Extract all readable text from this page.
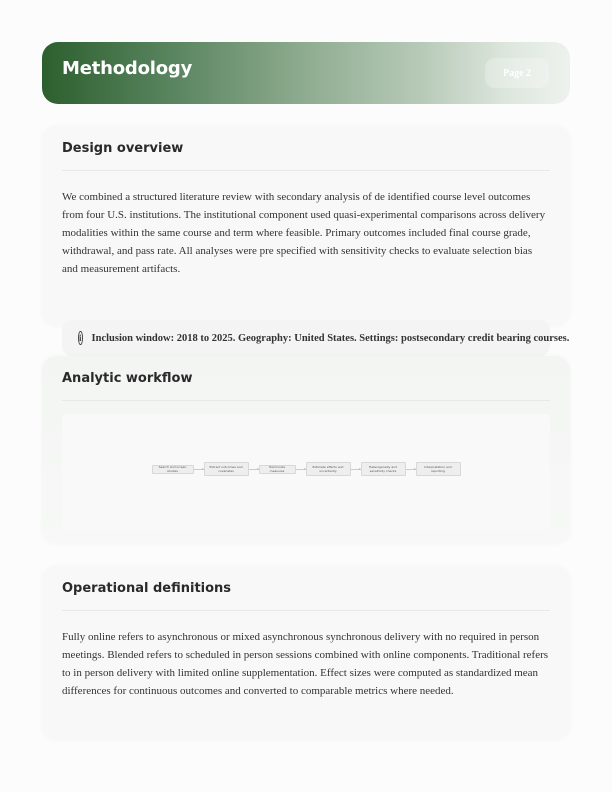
Methodology	Page 2
Design overview
We combined a structured literature review with secondary analysis of de identified course level outcomes from four U.S. institutions. The institutional component used quasi-experimental comparisons across delivery modalities within the same course and term where feasible. Primary outcomes included final course grade, withdrawal, and pass rate. All analyses were pre specified with sensitivity checks to evaluate selection bias and measurement artifacts.
i Inclusion window: 2018 to 2025. Geography: United States. Settings: postsecondary credit bearing courses.
Analytic workflow
Search and screen studies
Extract outcomes and covariates
Harmonize measures
Estimate effects and uncertainty
Heterogeneity and sensitivity checks
Interpretation and reporting
Operational definitions
Fully online refers to asynchronous or mixed asynchronous synchronous delivery with no required in person meetings. Blended refers to scheduled in person sessions combined with online components. Traditional refers to in person delivery with limited online supplementation. Effect sizes were computed as standardized mean differences for continuous outcomes and converted to comparable metrics where needed.
